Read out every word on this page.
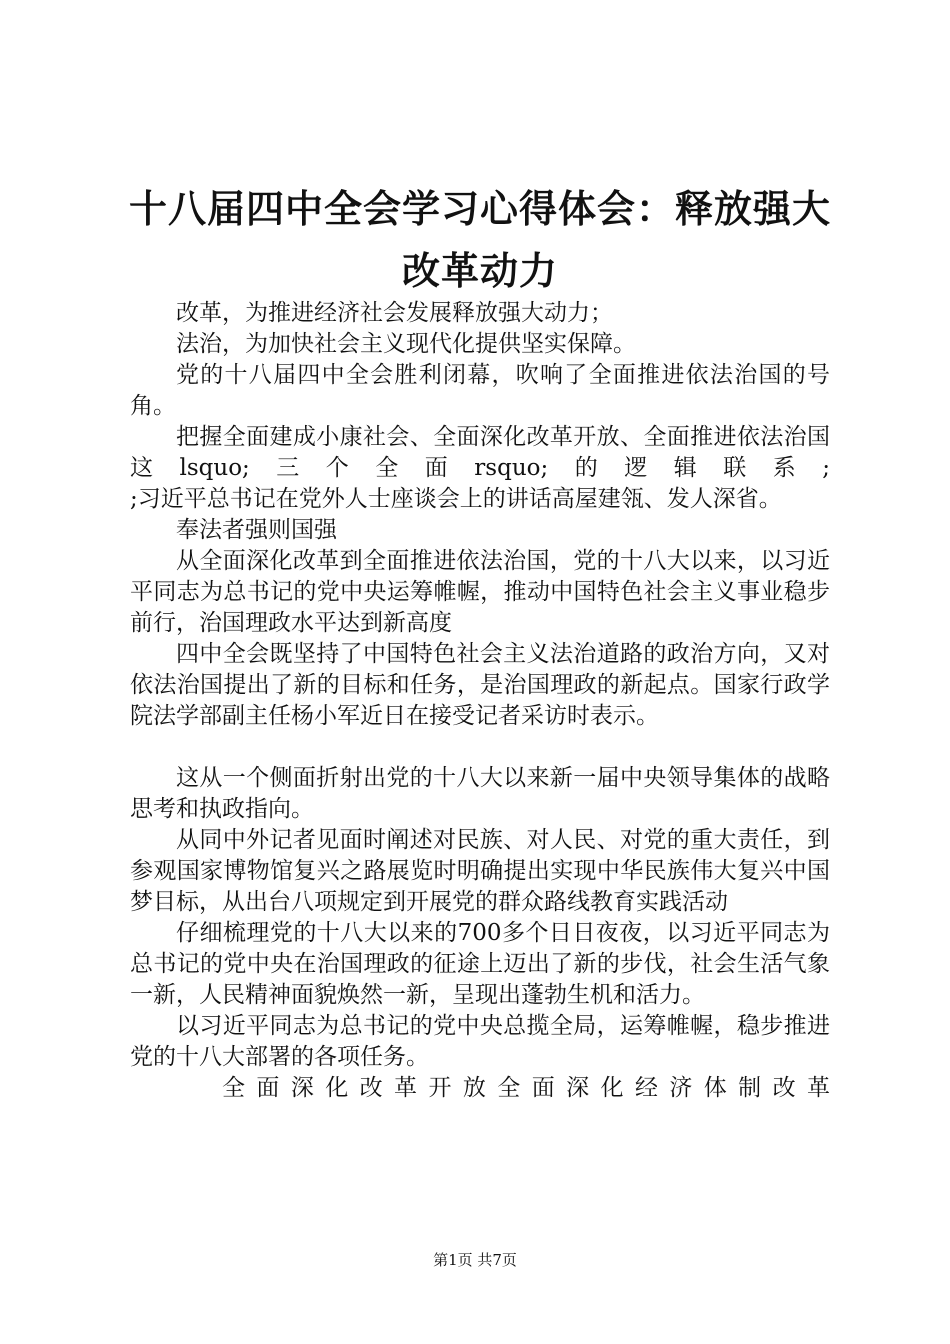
十八届四中全会学习心得体会：释放强大改革动力

改革，为推进经济社会发展释放强大动力；

法治，为加快社会主义现代化提供坚实保障。

党的十八届四中全会胜利闭幕，吹响了全面推进依法治国的号角。

把握全面建成小康社会、全面深化改革开放、全面推进依法治国这lsquo;三个全面rsquo;的逻辑联系;

;习近平总书记在党外人士座谈会上的讲话高屋建瓴、发人深省。

奉法者强则国强

从全面深化改革到全面推进依法治国，党的十八大以来，以习近平同志为总书记的党中央运筹帷幄，推动中国特色社会主义事业稳步前行，治国理政水平达到新高度

四中全会既坚持了中国特色社会主义法治道路的政治方向，又对依法治国提出了新的目标和任务，是治国理政的新起点。国家行政学院法学部副主任杨小军近日在接受记者采访时表示。

这从一个侧面折射出党的十八大以来新一届中央领导集体的战略思考和执政指向。

从同中外记者见面时阐述对民族、对人民、对党的重大责任，到参观国家博物馆复兴之路展览时明确提出实现中华民族伟大复兴中国梦目标，从出台八项规定到开展党的群众路线教育实践活动

仔细梳理党的十八大以来的700多个日日夜夜，以习近平同志为总书记的党中央在治国理政的征途上迈出了新的步伐，社会生活气象一新，人民精神面貌焕然一新，呈现出蓬勃生机和活力。

以习近平同志为总书记的党中央总揽全局，运筹帷幄，稳步推进党的十八大部署的各项任务。

全面深化改革开放全面深化经济体制改革

第1页 共7页
